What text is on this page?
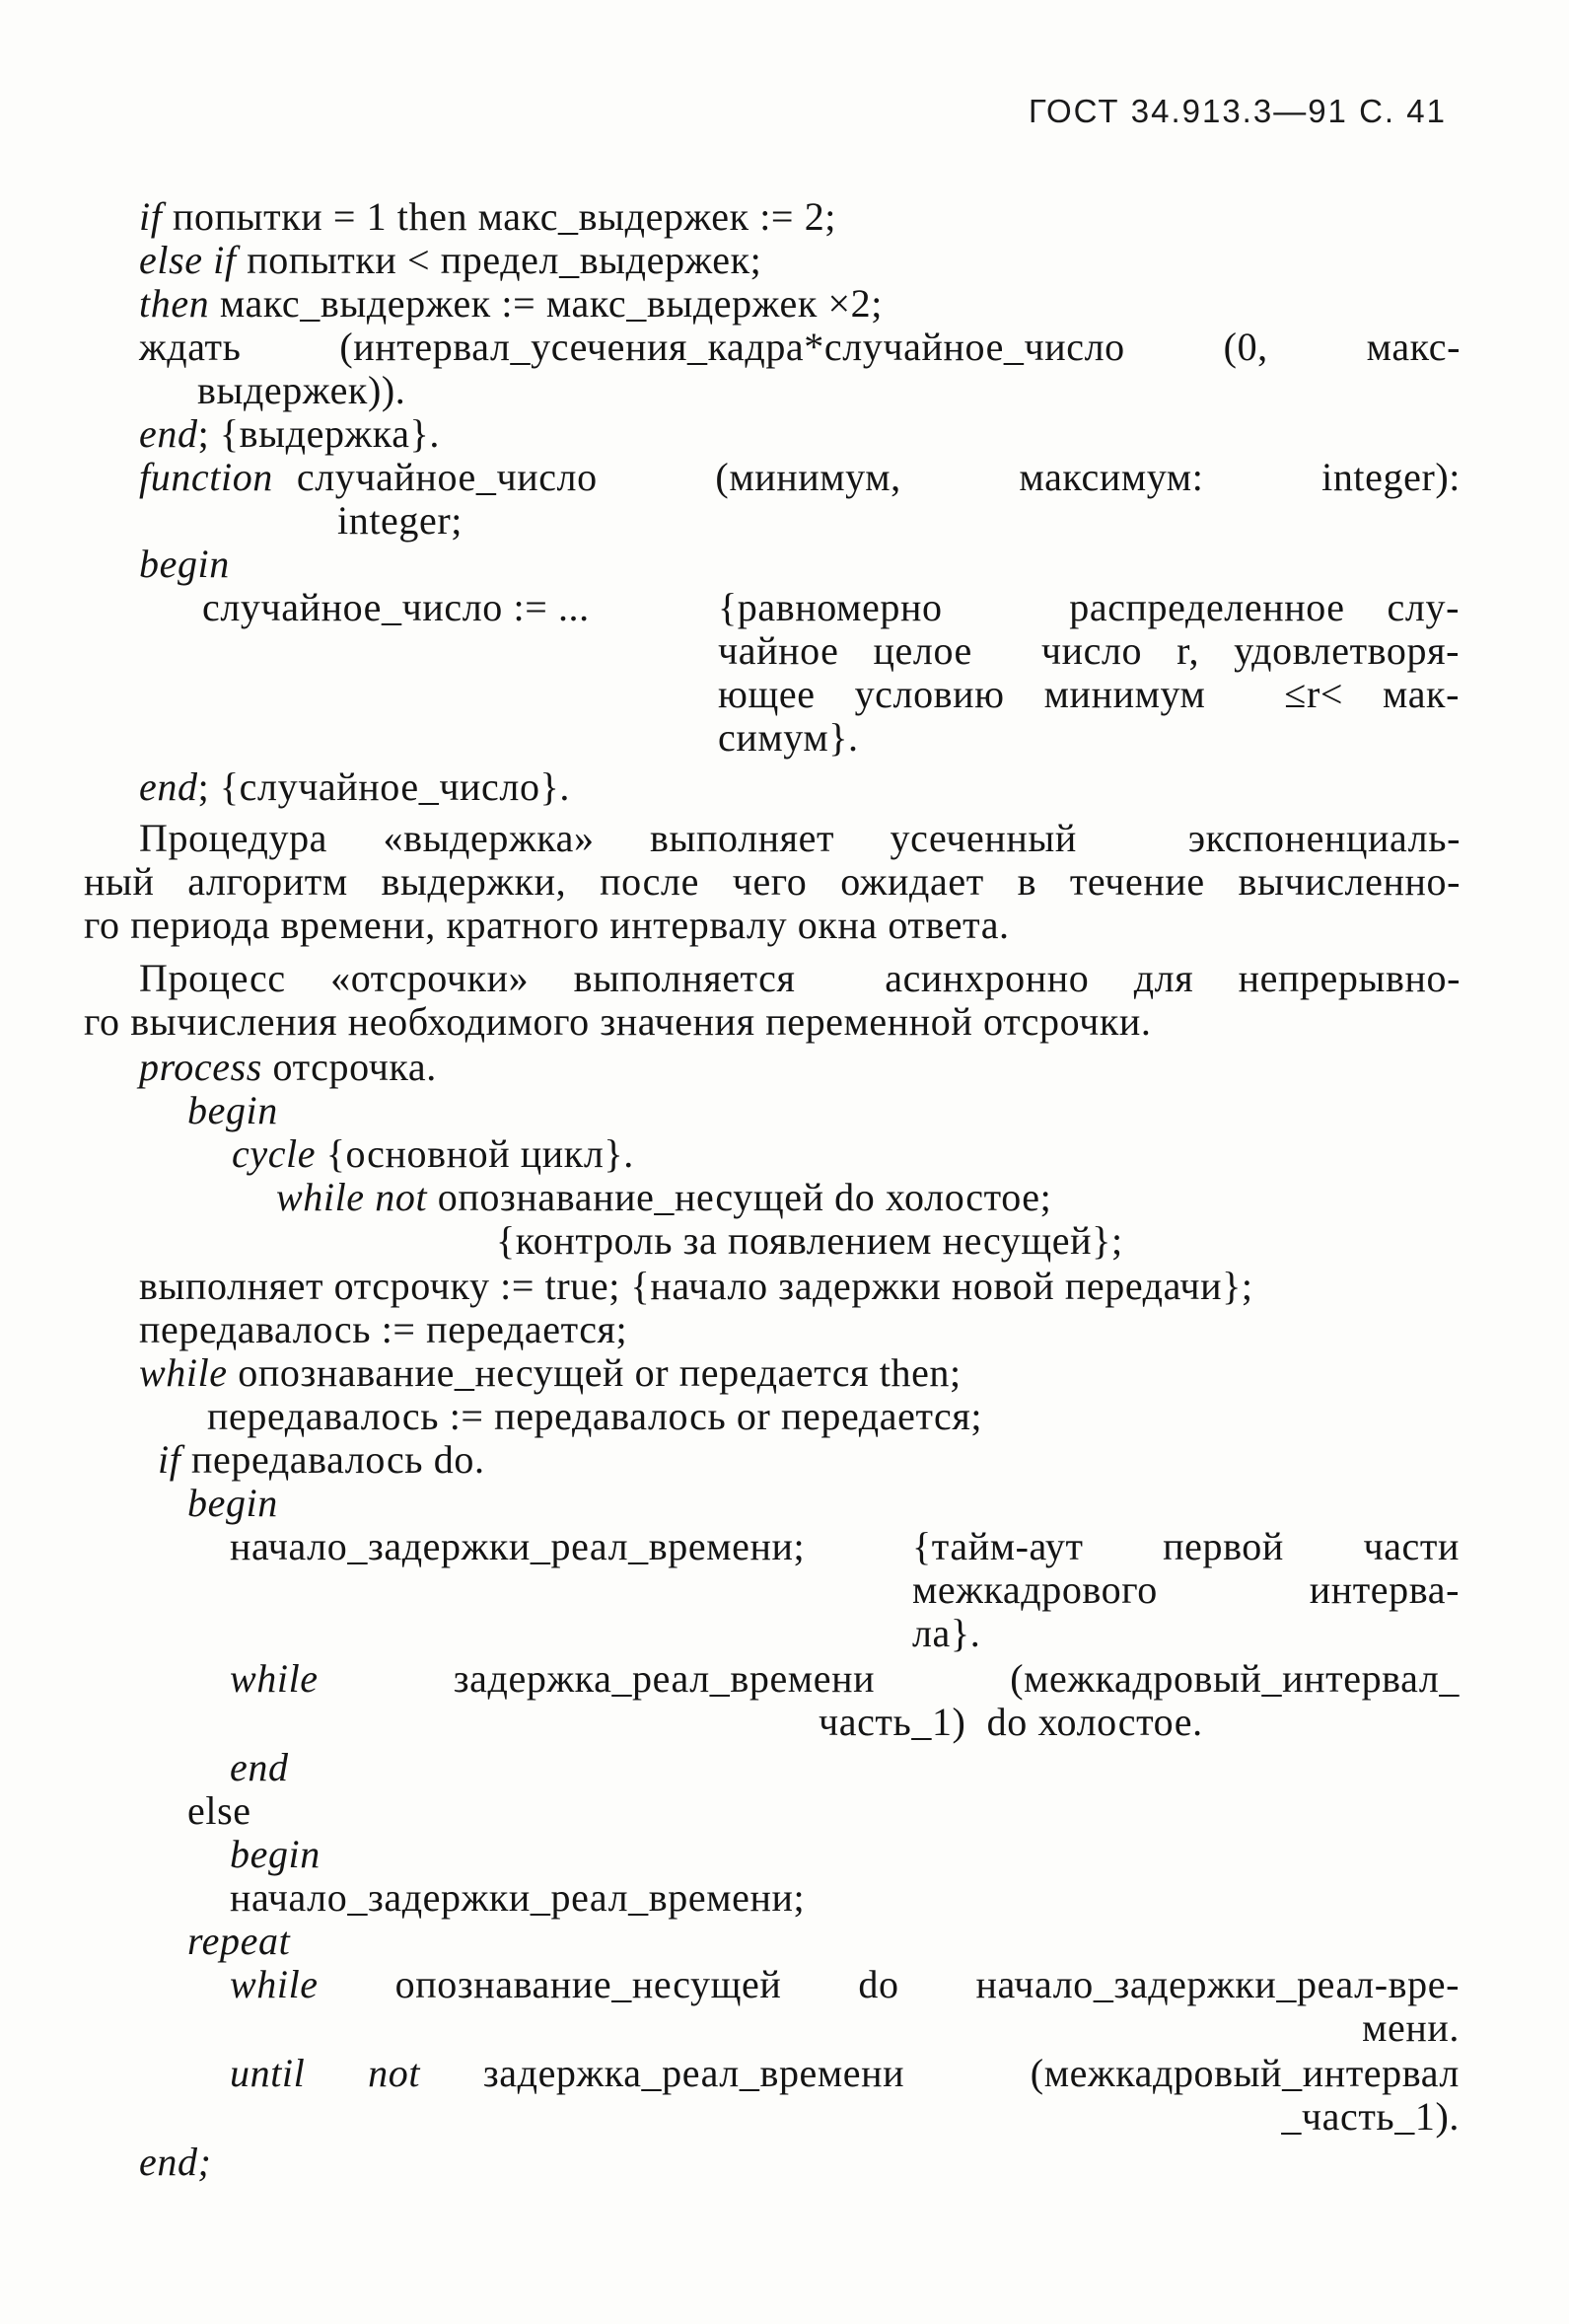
ГОСТ 34.913.3—91 С. 41
if попытки = 1 then макс_выдержек := 2;
else if попытки < предел_выдержек;
then макс_выдержек := макс_выдержек ×2;
ждать  (интервал_усечения_кадра*случайное_число  (0,  макс-
выдержек)).
end; {выдержка}.
function случайное_число     (минимум,     максимум:     integer):
integer;
begin
случайное_число := ...	{равномерно   распределенное слу-
чайное целое  число r, удовлетворя-
ющее условию минимум  ≤r< мак-
симум}.
end; {случайное_число}.
Процедура «выдержка» выполняет усеченный  экспоненциаль-
ный алгоритм выдержки, после чего ожидает в течение вычисленно-
го периода времени, кратного интервалу окна ответа.
Процесс «отсрочки» выполняется  асинхронно для непрерывно-
го вычисления необходимого значения переменной отсрочки.
process отсрочка.
begin
cycle {основной цикл}.
while not опознавание_несущей do холостое;
{контроль за появлением несущей};
выполняет отсрочку := true; {начало задержки новой передачи};
передавалось := передается;
while опознавание_несущей or передается then;
передавалось := передавалось or передается;
if передавалось do.
begin
начало_задержки_реал_времени;	{тайм-аут  первой  части
межкадрового    интерва-
ла}.
while  задержка_реал_времени  (межкадровый_интервал_
часть_1)  do холостое.
end
else
begin
начало_задержки_реал_времени;
repeat
while опознавание_несущей do начало_задержки_реал-вре-
мени.
until not задержка_реал_времени  (межкадровый_интервал
_часть_1).
end;
